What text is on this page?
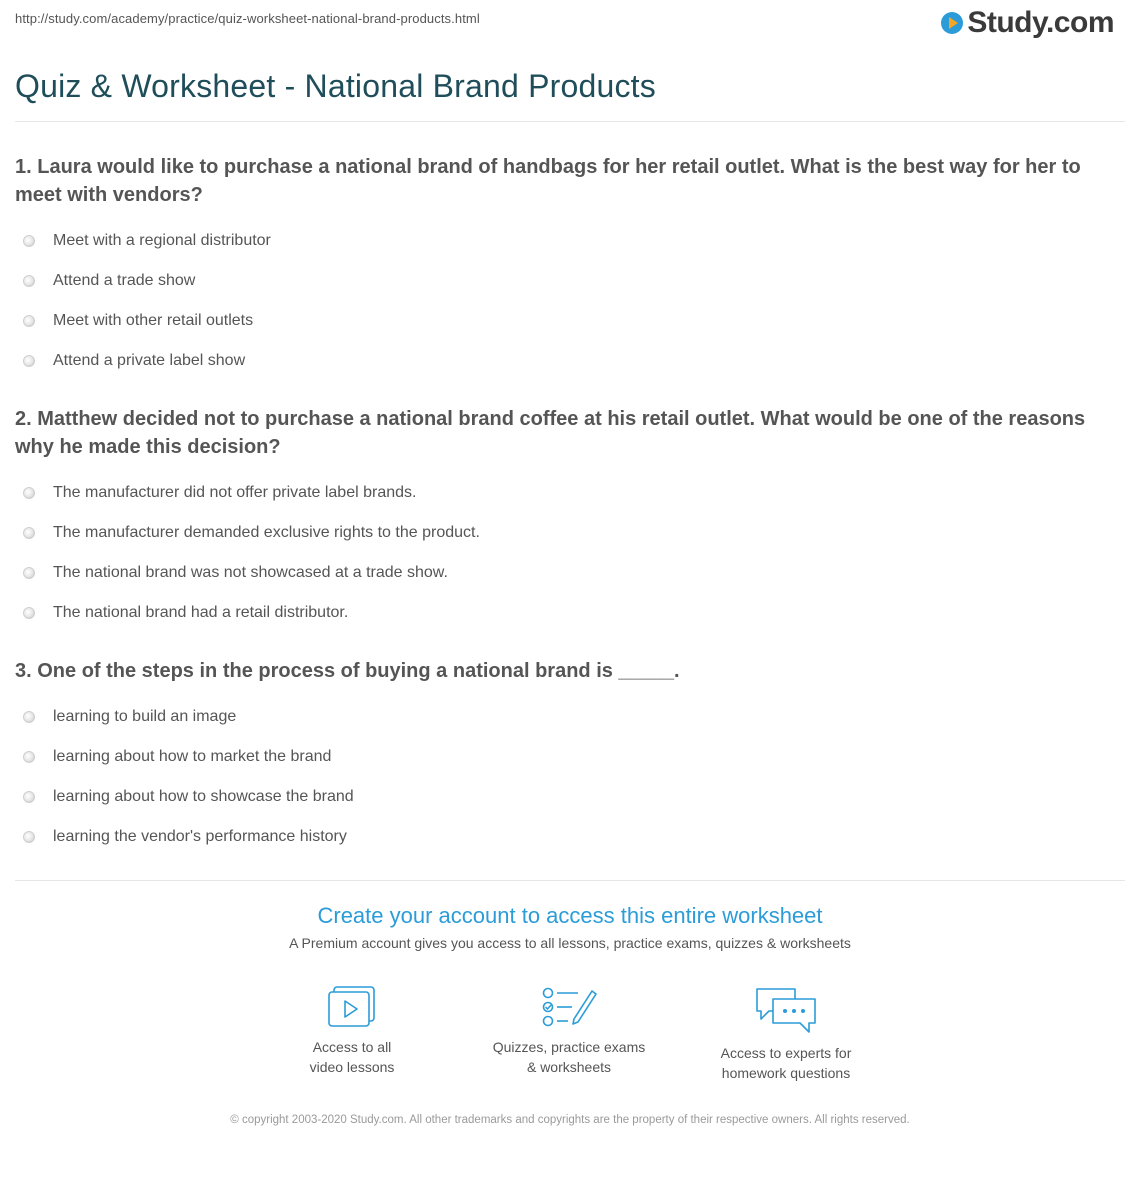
http://study.com/academy/practice/quiz-worksheet-national-brand-products.html	Study.com
Quiz & Worksheet - National Brand Products

1. Laura would like to purchase a national brand of handbags for her retail outlet. What is the best way for her to meet with vendors?

Meet with a regional distributor
Attend a trade show
Meet with other retail outlets
Attend a private label show

2. Matthew decided not to purchase a national brand coffee at his retail outlet. What would be one of the reasons why he made this decision?

The manufacturer did not offer private label brands.
The manufacturer demanded exclusive rights to the product.
The national brand was not showcased at a trade show.
The national brand had a retail distributor.

3. One of the steps in the process of buying a national brand is _____.

learning to build an image
learning about how to market the brand
learning about how to showcase the brand
learning the vendor's performance history

Create your account to access this entire worksheet

A Premium account gives you access to all lessons, practice exams, quizzes & worksheets

Access to all
video lessons
Quizzes, practice exams
& worksheets
Access to experts for
homework questions
© copyright 2003-2020 Study.com. All other trademarks and copyrights are the property of their respective owners. All rights reserved.
